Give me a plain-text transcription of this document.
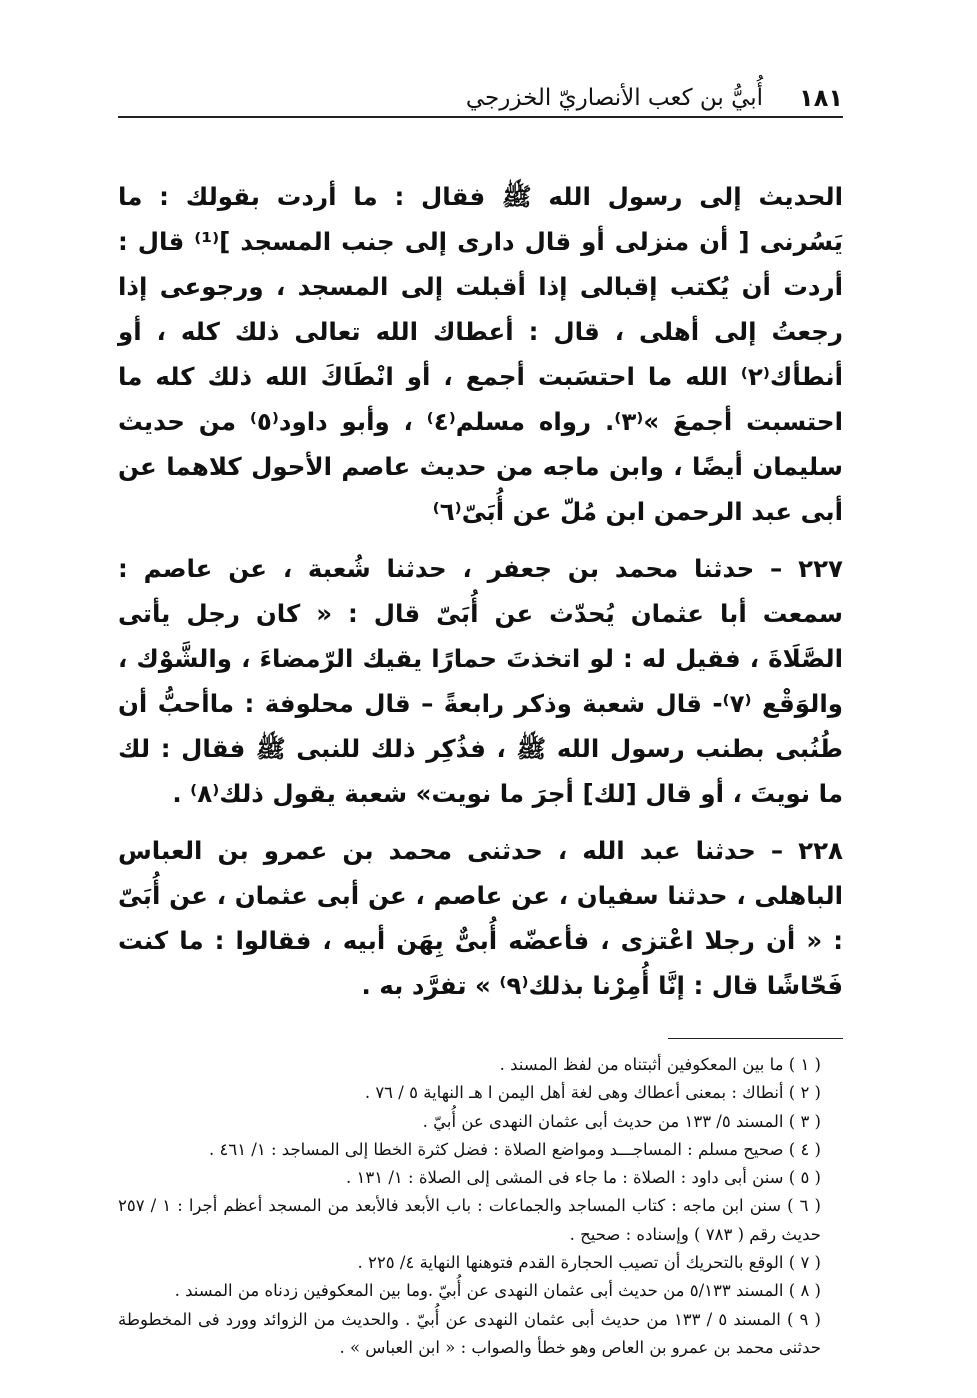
١٨١
أُبيُّ بن كعب الأنصاريّ الخزرجي

الحديث إلى رسول الله ﷺ فقال : ما أردت بقولك : ما يَسُرنى [ أن منزلى أو قال دارى إلى جنب المسجد ]⁽¹⁾ قال : أردت أن يُكتب إقبالى إذا أقبلت إلى المسجد ، ورجوعى إذا رجعتُ إلى أهلى ، قال : أعطاك الله تعالى ذلك كله ، أو أنطأك⁽٢⁾ الله ما احتسَبت أجمع ، أو انْطَاكَ الله ذلك كله ما احتسبت أجمعَ »⁽٣⁾. رواه مسلم⁽٤⁾ ، وأبو داود⁽٥⁾ من حديث سليمان أيضًا ، وابن ماجه من حديث عاصم الأحول كلاهما عن أبى عبد الرحمن ابن مُلّ عن أُبَىّ⁽٦⁾

٢٢٧ – حدثنا محمد بن جعفر ، حدثنا شُعبة ، عن عاصم : سمعت أبا عثمان يُحدّث عن أُبَىّ قال : « كان رجل يأتى الصَّلَاةَ ، فقيل له : لو اتخذتَ حمارًا يقيك الرّمضاءَ ، والشَّوْك ، والوَقْع ⁽٧⁾- قال شعبة وذكر رابعةً – قال محلوفة : ماأحبُّ أن طُنُبى بطنب رسول الله ﷺ ، فذُكِر ذلك للنبى ﷺ فقال : لك ما نويتَ ، أو قال [لك] أجرَ ما نويت» شعبة يقول ذلك⁽٨⁾ .

٢٢٨ – حدثنا عبد الله ، حدثنى محمد بن عمرو بن العباس الباهلى ، حدثنا سفيان ، عن عاصم ، عن أبى عثمان ، عن أُبَىّ : « أن رجلا اعْتزى ، فأعضّه أُبىٌّ بِهَن أبيه ، فقالوا : ما كنت فَحّاشًا قال : إنَّا أُمِرْنا بذلك⁽٩⁾ » تفرَّد به .

( ١ ) ما بين المعكوفين أثبتناه من لفظ المسند .

( ٢ ) أنطاك : بمعنى أعطاك وهى لغة أهل اليمن ا هـ النهاية ٥ / ٧٦ .

( ٣ ) المسند ٥/ ١٣٣ من حديث أبى عثمان النهدى عن أُبيّ .

( ٤ ) صحيح مسلم : المساجـــد ومواضع الصلاة : فضل كثرة الخطا إلى المساجد : ١/ ٤٦١ .

( ٥ ) سنن أبى داود : الصلاة : ما جاء فى المشى إلى الصلاة : ١/ ١٣١ .

( ٦ ) سنن ابن ماجه : كتاب المساجد والجماعات : باب الأبعد فالأبعد من المسجد أعظم أجرا : ١ / ٢٥٧ حديث رقم ( ٧٨٣ ) وإسناده : صحيح .

( ٧ ) الوقع بالتحريك أن تصيب الحجارة القدم فتوهنها النهاية ٤/ ٢٢٥ .

( ٨ ) المسند ٥/١٣٣ من حديث أبى عثمان النهدى عن أُبيّ .وما بين المعكوفين زدناه من المسند .

( ٩ ) المسند ٥ / ١٣٣ من حديث أبى عثمان النهدى عن أُبيّ . والحديث من الزوائد وورد فى المخطوطة حدثنى محمد بن عمرو بن العاص وهو خطأ والصواب : « ابن العباس » .
